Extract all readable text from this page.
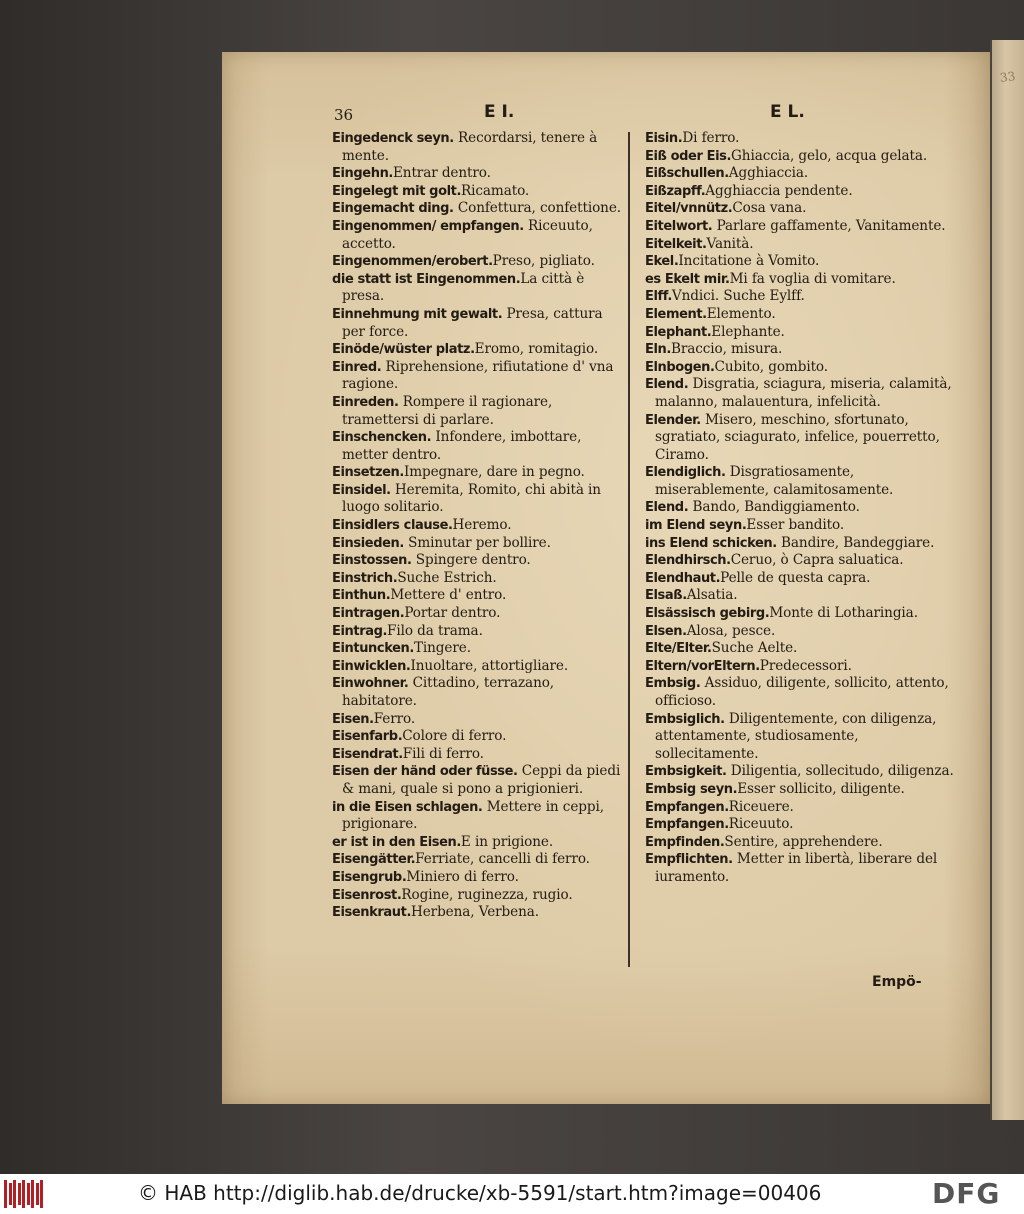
33
36	E I.	E L.

Eingedenck seyn. Recordarsi, tenere à mente.

Eingehn.Entrar dentro.

Eingelegt mit golt.Ricamato.

Eingemacht ding. Confettura, confettione.

Eingenommen/ empfangen. Riceuuto, accetto.

Eingenommen/erobert.Preso, pigliato.

die statt ist Eingenommen.La città è presa.

Einnehmung mit gewalt. Presa, cattura per force.

Einöde/wüster platz.Eromo, romitagio.

Einred. Riprehensione, rifiutatione d' vna ragione.

Einreden. Rompere il ragionare, tramettersi di parlare.

Einschencken. Infondere, imbottare, metter dentro.

Einsetzen.Impegnare, dare in pegno.

Einsidel. Heremita, Romito, chi abità in luogo solitario.

Einsidlers clause.Heremo.

Einsieden. Sminutar per bollire.

Einstossen. Spingere dentro.

Einstrich.Suche Estrich.

Einthun.Mettere d' entro.

Eintragen.Portar dentro.

Eintrag.Filo da trama.

Eintuncken.Tingere.

Einwicklen.Inuoltare, attortigliare.

Einwohner. Cittadino, terrazano, habitatore.

Eisen.Ferro.

Eisenfarb.Colore di ferro.

Eisendrat.Fili di ferro.

Eisen der händ oder füsse. Ceppi da piedi & mani, quale si pono a prigionieri.

in die Eisen schlagen. Mettere in ceppi, prigionare.

er ist in den Eisen.E in prigione.

Eisengätter.Ferriate, cancelli di ferro.

Eisengrub.Miniero di ferro.

Eisenrost.Rogine, ruginezza, rugio.

Eisenkraut.Herbena, Verbena.

Eisin.Di ferro.

Eiß oder Eis.Ghiaccia, gelo, acqua gelata.

Eißschullen.Agghiaccia.

Eißzapff.Agghiaccia pendente.

Eitel/vnnütz.Cosa vana.

Eitelwort. Parlare gaffamente, Vanitamente.

Eitelkeit.Vanità.

Ekel.Incitatione à Vomito.

es Ekelt mir.Mi fa voglia di vomitare.

Elff.Vndici. Suche Eylff.

Element.Elemento.

Elephant.Elephante.

Eln.Braccio, misura.

Elnbogen.Cubito, gombito.

Elend. Disgratia, sciagura, miseria, calamità, malanno, malauentura, infelicità.

Elender. Misero, meschino, sfortunato, sgratiato, sciagurato, infelice, pouerretto, Ciramo.

Elendiglich. Disgratiosamente, miserablemente, calamitosamente.

Elend. Bando, Bandiggiamento.

im Elend seyn.Esser bandito.

ins Elend schicken. Bandire, Bandeggiare.

Elendhirsch.Ceruo, ò Capra saluatica.

Elendhaut.Pelle de questa capra.

Elsaß.Alsatia.

Elsässisch gebirg.Monte di Lotharingia.

Elsen.Alosa, pesce.

Elte/Elter.Suche Aelte.

Eltern/vorEltern.Predecessori.

Embsig. Assiduo, diligente, sollicito, attento, officioso.

Embsiglich. Diligentemente, con diligenza, attentamente, studiosamente, sollecitamente.

Embsigkeit. Diligentia, sollecitudo, diligenza.

Embsig seyn.Esser sollicito, diligente.

Empfangen.Riceuere.

Empfangen.Riceuuto.

Empfinden.Sentire, apprehendere.

Empflichten. Metter in libertà, liberare del iuramento.

Empö-
© HAB http://diglib.hab.de/drucke/xb-5591/start.htm?image=00406	DFG
